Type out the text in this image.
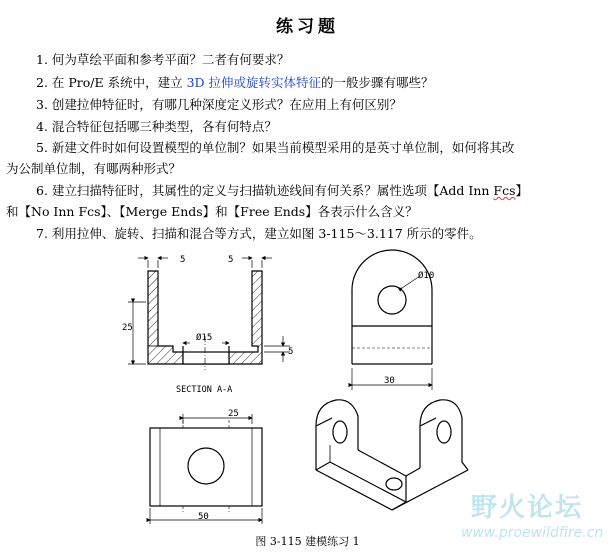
练习题
1. 何为草绘平面和参考平面？二者有何要求？
2. 在 Pro/E 系统中，建立 3D 拉伸或旋转实体特征的一般步骤有哪些？
3. 创建拉伸特征时，有哪几种深度定义形式？在应用上有何区别？
4. 混合特征包括哪三种类型，各有何特点？
5. 新建文件时如何设置模型的单位制？如果当前模型采用的是英寸单位制，如何将其改
为公制单位制，有哪两种形式？
6. 建立扫描特征时，其属性的定义与扫描轨迹线间有何关系？属性选项【Add Inn Fcs】
和【No Inn Fcs】、【Merge Ends】和【Free Ends】各表示什么含义？
7. 利用拉伸、旋转、扫描和混合等方式，建立如图 3-115～3.117 所示的零件。
5	5
25
Ø15
5
SECTION A-A
Ø10
30
25
50
图 3-115 建模练习 1
野火论坛
www.proewildfire.cn
